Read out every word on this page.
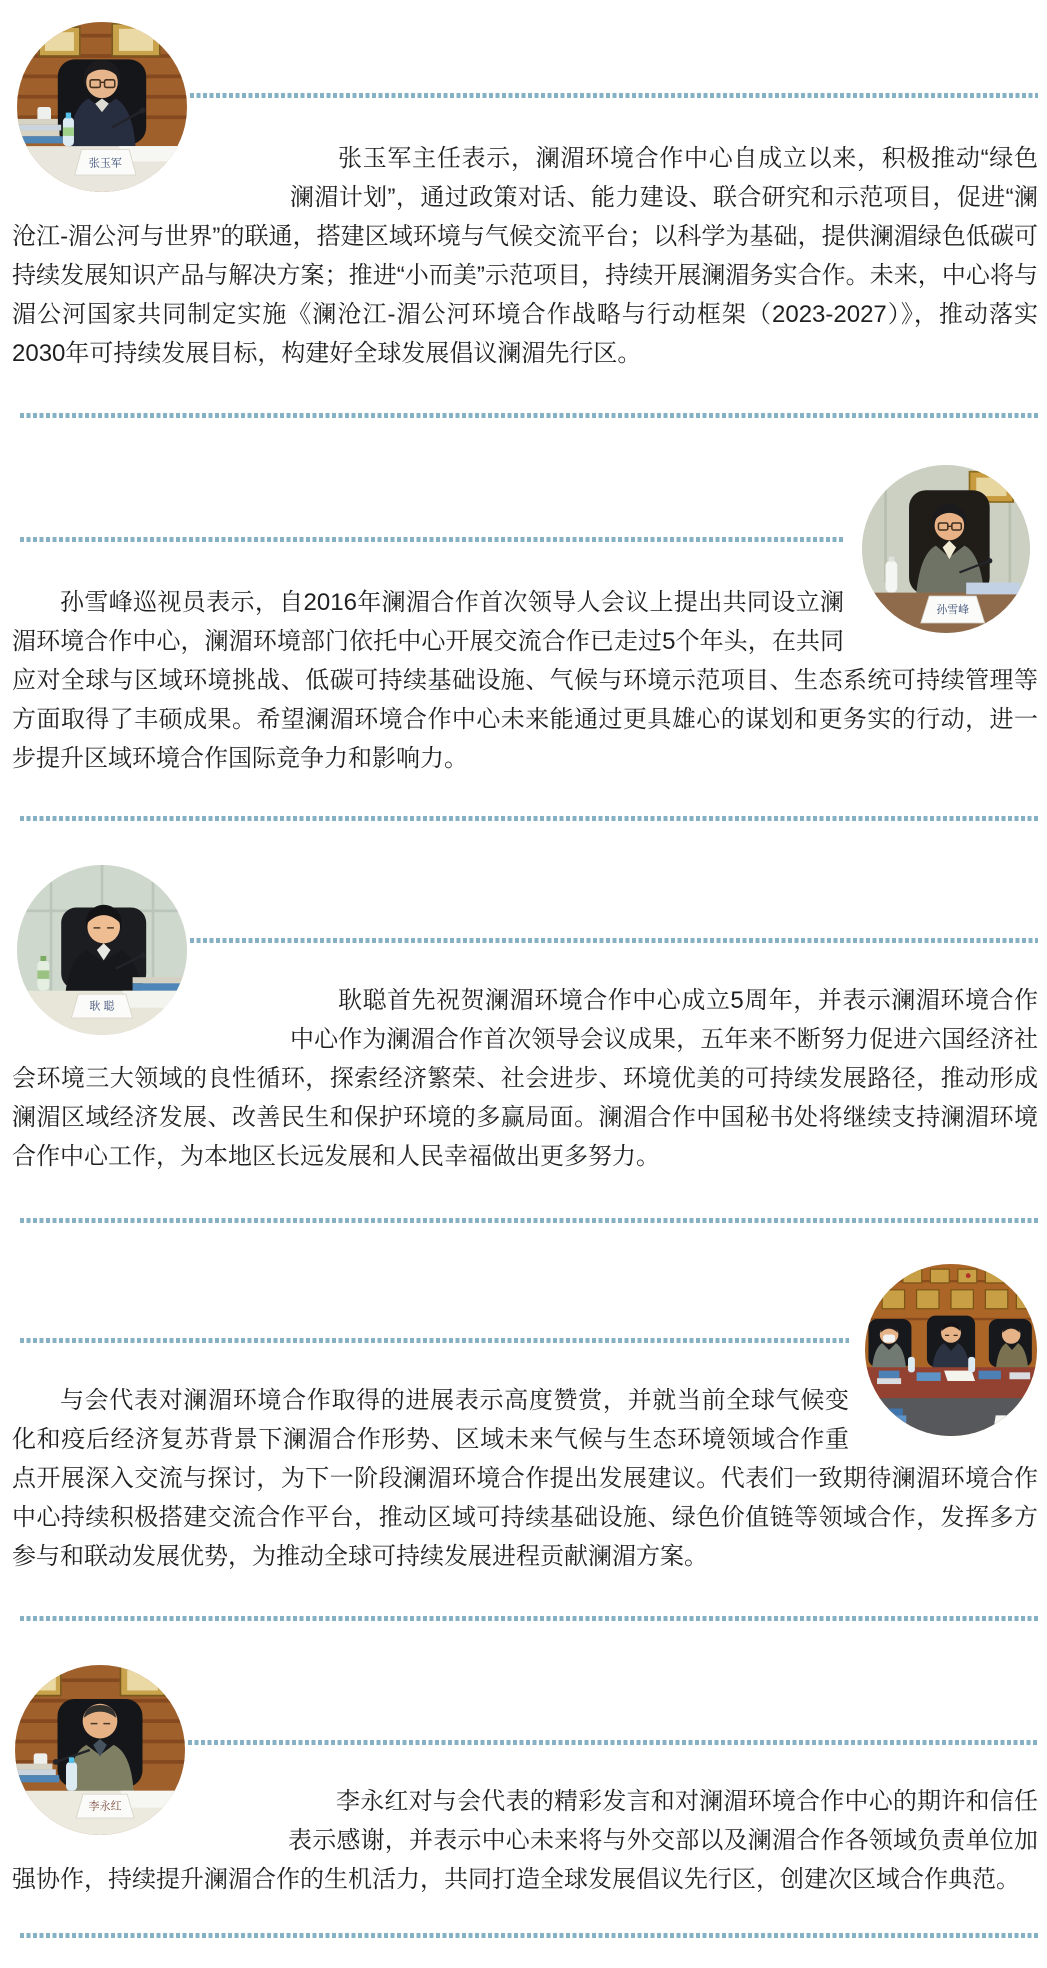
张玉军	张玉军主任表示，澜湄环境合作中心自成立以来，积极推动“绿色澜湄计划”，通过政策对话、能力建设、联合研究和示范项目，促进“澜沧江-湄公河与世界”的联通，搭建区域环境与气候交流平台；以科学为基础，提供澜湄绿色低碳可持续发展知识产品与解决方案；推进“小而美”示范项目，持续开展澜湄务实合作。未来，中心将与湄公河国家共同制定实施《澜沧江-湄公河环境合作战略与行动框架（2023-2027）》，推动落实2030年可持续发展目标，构建好全球发展倡议澜湄先行区。

孙雪峰

孙雪峰巡视员表示，自2016年澜湄合作首次领导人会议上提出共同设立澜湄环境合作中心，澜湄环境部门依托中心开展交流合作已走过5个年头，在共同应对全球与区域环境挑战、低碳可持续基础设施、气候与环境示范项目、生态系统可持续管理等方面取得了丰硕成果。希望澜湄环境合作中心未来能通过更具雄心的谋划和更务实的行动，进一步提升区域环境合作国际竞争力和影响力。

耿 聪	耿聪首先祝贺澜湄环境合作中心成立5周年，并表示澜湄环境合作中心作为澜湄合作首次领导会议成果，五年来不断努力促进六国经济社会环境三大领域的良性循环，探索经济繁荣、社会进步、环境优美的可持续发展路径，推动形成澜湄区域经济发展、改善民生和保护环境的多赢局面。澜湄合作中国秘书处将继续支持澜湄环境合作中心工作，为本地区长远发展和人民幸福做出更多努力。

与会代表对澜湄环境合作取得的进展表示高度赞赏，并就当前全球气候变化和疫后经济复苏背景下澜湄合作形势、区域未来气候与生态环境领域合作重点开展深入交流与探讨，为下一阶段澜湄环境合作提出发展建议。代表们一致期待澜湄环境合作中心持续积极搭建交流合作平台，推动区域可持续基础设施、绿色价值链等领域合作，发挥多方参与和联动发展优势，为推动全球可持续发展进程贡献澜湄方案。

李永红	李永红对与会代表的精彩发言和对澜湄环境合作中心的期许和信任表示感谢，并表示中心未来将与外交部以及澜湄合作各领域负责单位加强协作，持续提升澜湄合作的生机活力，共同打造全球发展倡议先行区，创建次区域合作典范。
